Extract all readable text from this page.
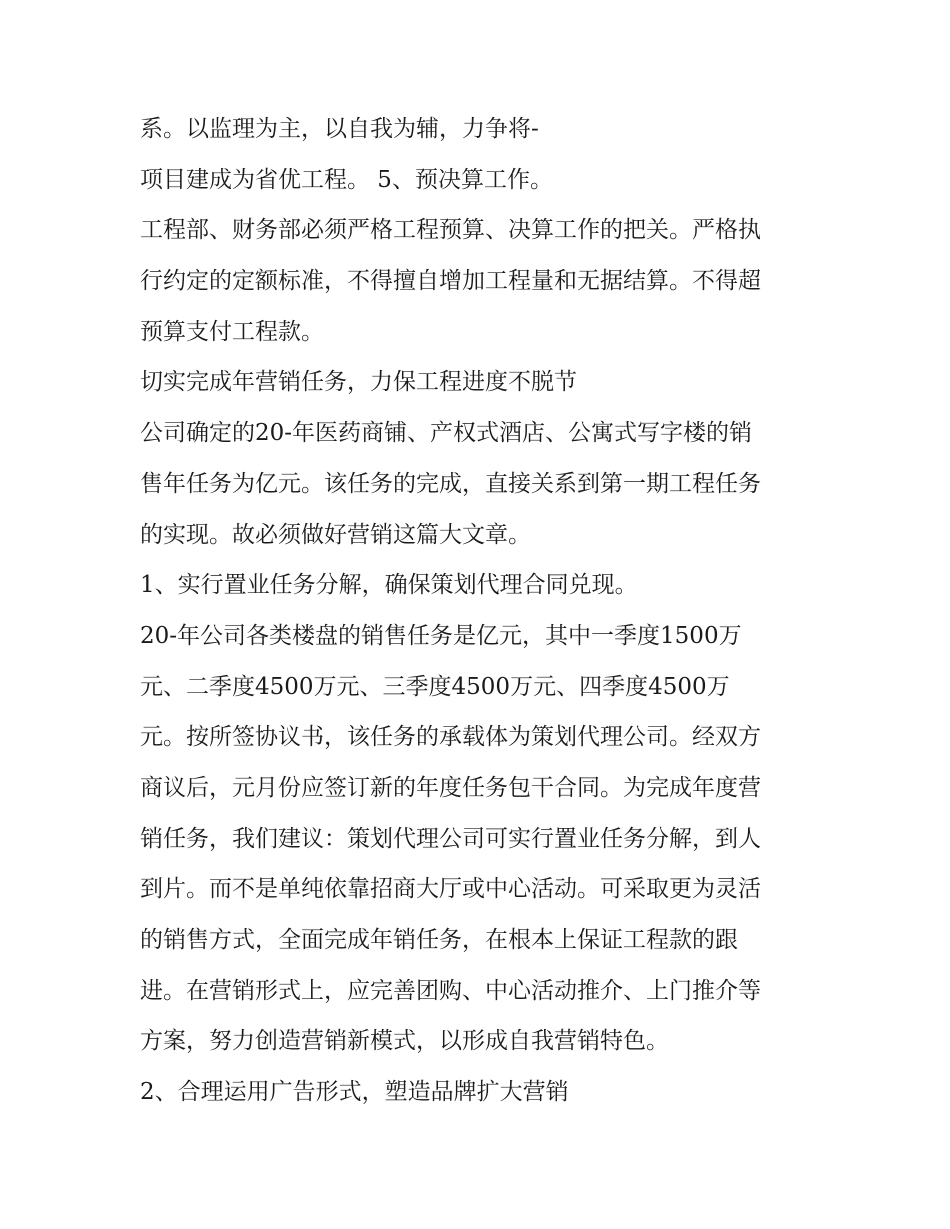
系。以监理为主，以自我为辅，力争将-

项目建成为省优工程。 5、预决算工作。

工程部、财务部必须严格工程预算、决算工作的把关。严格执

行约定的定额标准，不得擅自增加工程量和无据结算。不得超

预算支付工程款。

切实完成年营销任务，力保工程进度不脱节

公司确定的20-年医药商铺、产权式酒店、公寓式写字楼的销

售年任务为亿元。该任务的完成，直接关系到第一期工程任务

的实现。故必须做好营销这篇大文章。

1、实行置业任务分解，确保策划代理合同兑现。

20-年公司各类楼盘的销售任务是亿元，其中一季度1500万

元、二季度4500万元、三季度4500万元、四季度4500万

元。按所签协议书，该任务的承载体为策划代理公司。经双方

商议后，元月份应签订新的年度任务包干合同。为完成年度营

销任务，我们建议：策划代理公司可实行置业任务分解，到人

到片。而不是单纯依靠招商大厅或中心活动。可采取更为灵活

的销售方式，全面完成年销任务，在根本上保证工程款的跟

进。在营销形式上，应完善团购、中心活动推介、上门推介等

方案，努力创造营销新模式，以形成自我营销特色。

2、合理运用广告形式，塑造品牌扩大营销
